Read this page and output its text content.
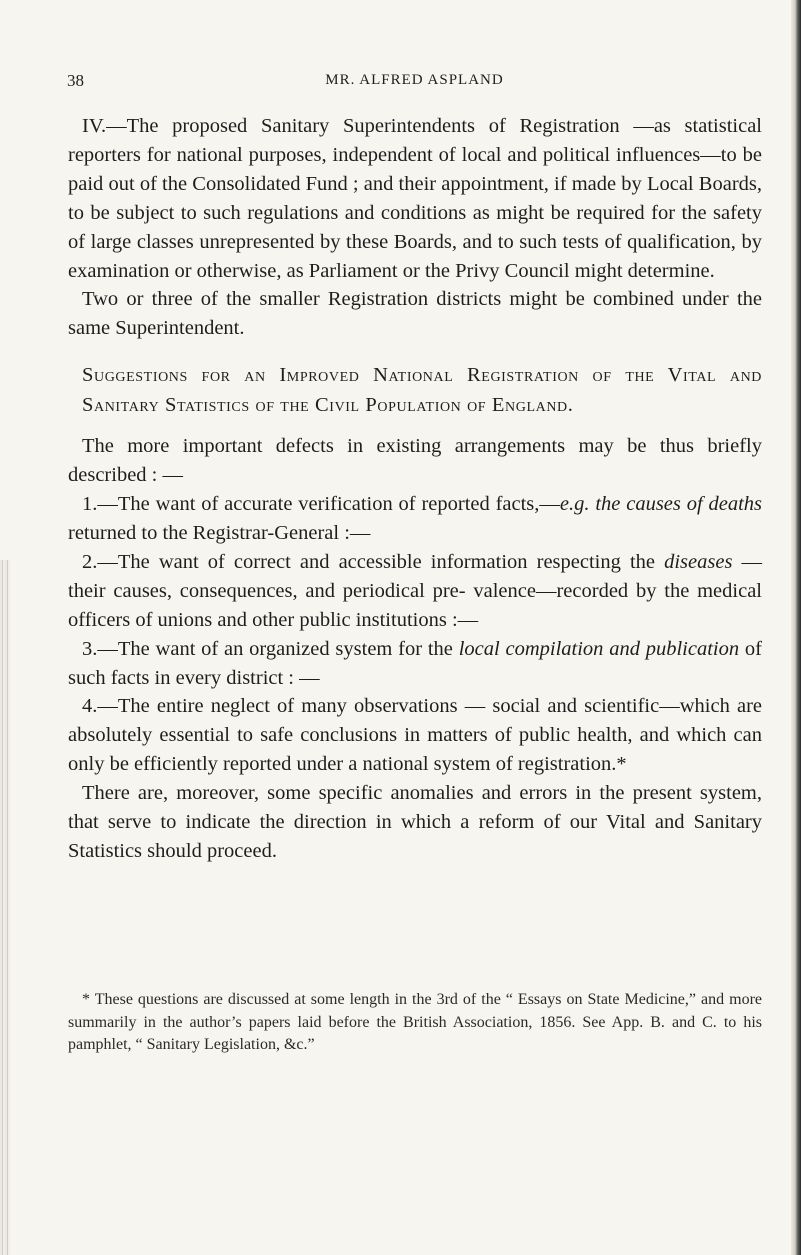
38	MR. ALFRED ASPLAND

IV.—The proposed Sanitary Superintendents of Registration —as statistical reporters for national purposes, independent of local and political influences—to be paid out of the Consolidated Fund ; and their appointment, if made by Local Boards, to be subject to such regulations and conditions as might be required for the safety of large classes unrepresented by these Boards, and to such tests of qualification, by examination or otherwise, as Parliament or the Privy Council might determine.

Two or three of the smaller Registration districts might be combined under the same Superintendent.

Suggestions for an Improved National Registration of the Vital and Sanitary Statistics of the Civil Population of England.

The more important defects in existing arrangements may be thus briefly described : —

1.—The want of accurate verification of reported facts,—e.g. the causes of deaths returned to the Registrar-General :—

2.—The want of correct and accessible information respecting the diseases — their causes, consequences, and periodical pre- valence—recorded by the medical officers of unions and other public institutions :—

3.—The want of an organized system for the local compilation and publication of such facts in every district : —

4.—The entire neglect of many observations — social and scientific—which are absolutely essential to safe conclusions in matters of public health, and which can only be efficiently reported under a national system of registration.*

There are, moreover, some specific anomalies and errors in the present system, that serve to indicate the direction in which a reform of our Vital and Sanitary Statistics should proceed.

* These questions are discussed at some length in the 3rd of the “ Essays on State Medicine,” and more summarily in the author’s papers laid before the British Association, 1856. See App. B. and C. to his pamphlet, “ Sanitary Legislation, &c.”
